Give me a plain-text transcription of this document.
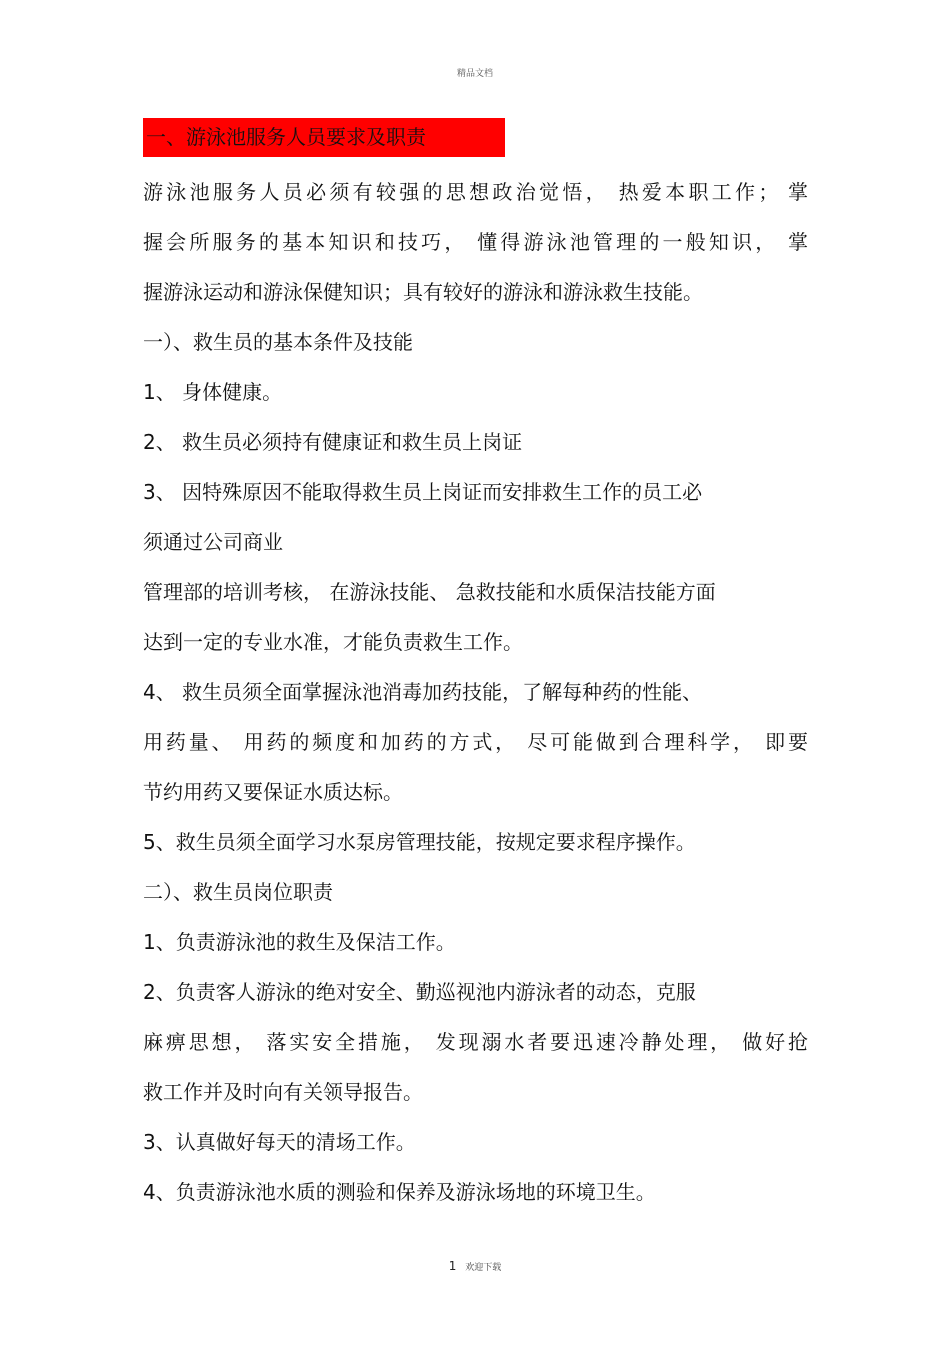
精品文档
一、游泳池服务人员要求及职责
游泳池服务人员必须有较强的思想政治觉悟， 热爱本职工作； 掌
握会所服务的基本知识和技巧， 懂得游泳池管理的一般知识， 掌
握游泳运动和游泳保健知识；具有较好的游泳和游泳救生技能。
一）、救生员的基本条件及技能
1、 身体健康。
2、 救生员必须持有健康证和救生员上岗证
3、 因特殊原因不能取得救生员上岗证而安排救生工作的员工必
须通过公司商业
管理部的培训考核， 在游泳技能、 急救技能和水质保洁技能方面
达到一定的专业水准，才能负责救生工作。
4、 救生员须全面掌握泳池消毒加药技能，了解每种药的性能、
用药量、 用药的频度和加药的方式， 尽可能做到合理科学， 即要
节约用药又要保证水质达标。
5、救生员须全面学习水泵房管理技能，按规定要求程序操作。
二）、救生员岗位职责
1、负责游泳池的救生及保洁工作。
2、负责客人游泳的绝对安全、勤巡视池内游泳者的动态，克服
麻痹思想， 落实安全措施， 发现溺水者要迅速冷静处理， 做好抢
救工作并及时向有关领导报告。
3、认真做好每天的清场工作。
4、负责游泳池水质的测验和保养及游泳场地的环境卫生。
1 欢迎下载
